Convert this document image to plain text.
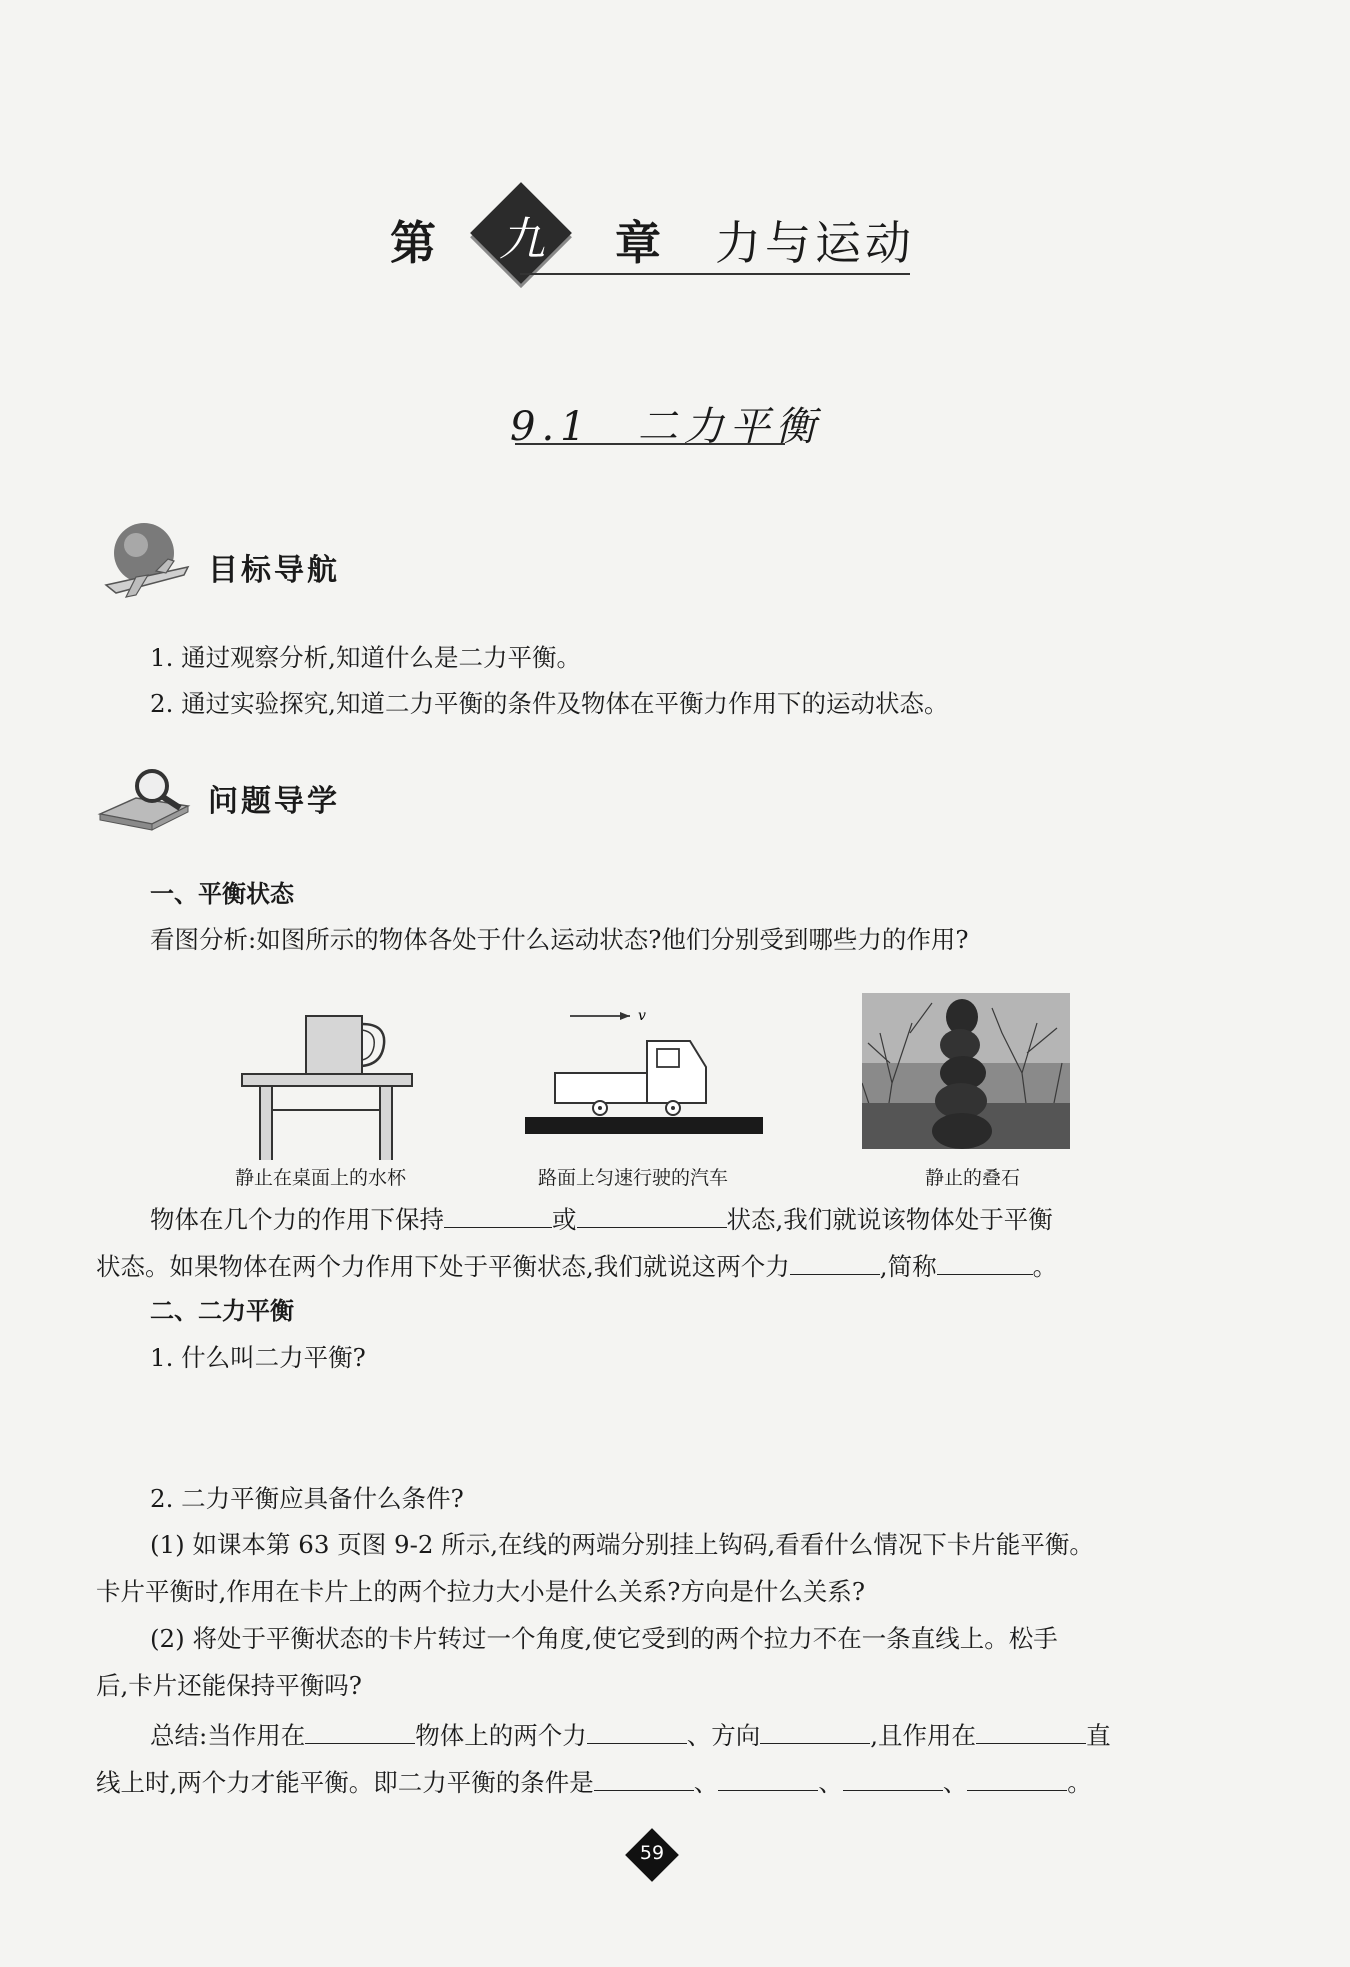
第	九	章 力与运动
9.1　二力平衡
目标导航
1. 通过观察分析,知道什么是二力平衡。
2. 通过实验探究,知道二力平衡的条件及物体在平衡力作用下的运动状态。
问题导学
一、平衡状态
看图分析:如图所示的物体各处于什么运动状态?他们分别受到哪些力的作用?
静止在桌面上的水杯
v
路面上匀速行驶的汽车	静止的叠石
物体在几个力的作用下保持	或	状态,我们就说该物体处于平衡
状态。如果物体在两个力作用下处于平衡状态,我们就说这两个力	,简称	。
二、二力平衡
1. 什么叫二力平衡?
2. 二力平衡应具备什么条件?
(1) 如课本第 63 页图 9-2 所示,在线的两端分别挂上钩码,看看什么情况下卡片能平衡。
卡片平衡时,作用在卡片上的两个拉力大小是什么关系?方向是什么关系?
(2) 将处于平衡状态的卡片转过一个角度,使它受到的两个拉力不在一条直线上。松手
后,卡片还能保持平衡吗?
总结:当作用在	物体上的两个力	、方向	,且作用在	直
线上时,两个力才能平衡。即二力平衡的条件是	、	、	、	。
59
